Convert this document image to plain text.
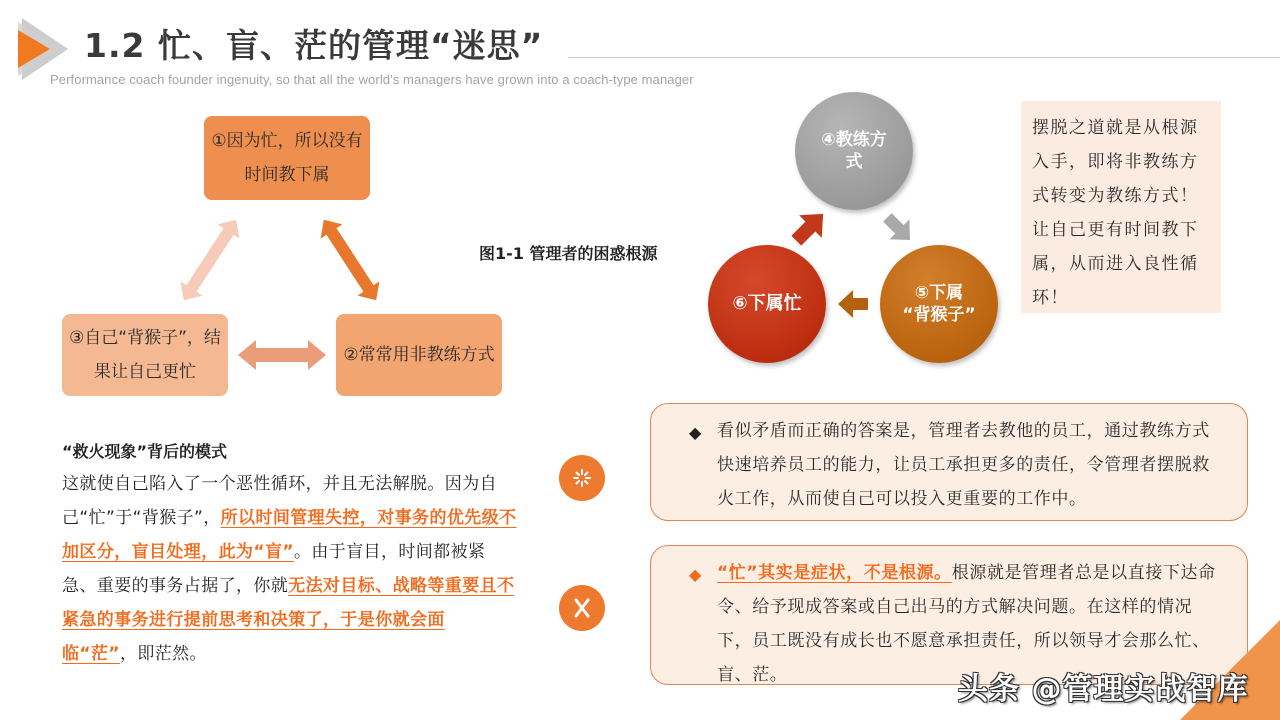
1.2 忙、盲、茫的管理“迷思”
Performance coach founder ingenuity, so that all the world's managers have grown into a coach-type manager
①因为忙，所以没有时间教下属
②常常用非教练方式
③自己“背猴子”，结果让自己更忙
图1-1 管理者的困惑根源
④教练方
式
⑤下属
“背猴子”
⑥下属忙
摆脱之道就是从根源入手，即将非教练方式转变为教练方式！让自己更有时间教下属，从而进入良性循环！
“救火现象”背后的模式
这就使自己陷入了一个恶性循环，并且无法解脱。因为自己“忙”于“背猴子”，所以时间管理失控，对事务的优先级不加区分，盲目处理，此为“盲”。由于盲目，时间都被紧急、重要的事务占据了，你就无法对目标、战略等重要且不紧急的事务进行提前思考和决策了，于是你就会面临“茫”，即茫然。
◆ 看似矛盾而正确的答案是，管理者去教他的员工，通过教练方式快速培养员工的能力，让员工承担更多的责任，令管理者摆脱救火工作，从而使自己可以投入更重要的工作中。
◆ “忙”其实是症状，不是根源。根源就是管理者总是以直接下达命令、给予现成答案或自己出马的方式解决问题。在这样的情况下，员工既没有成长也不愿意承担责任，所以领导才会那么忙、盲、茫。	头条 @管理实战智库
